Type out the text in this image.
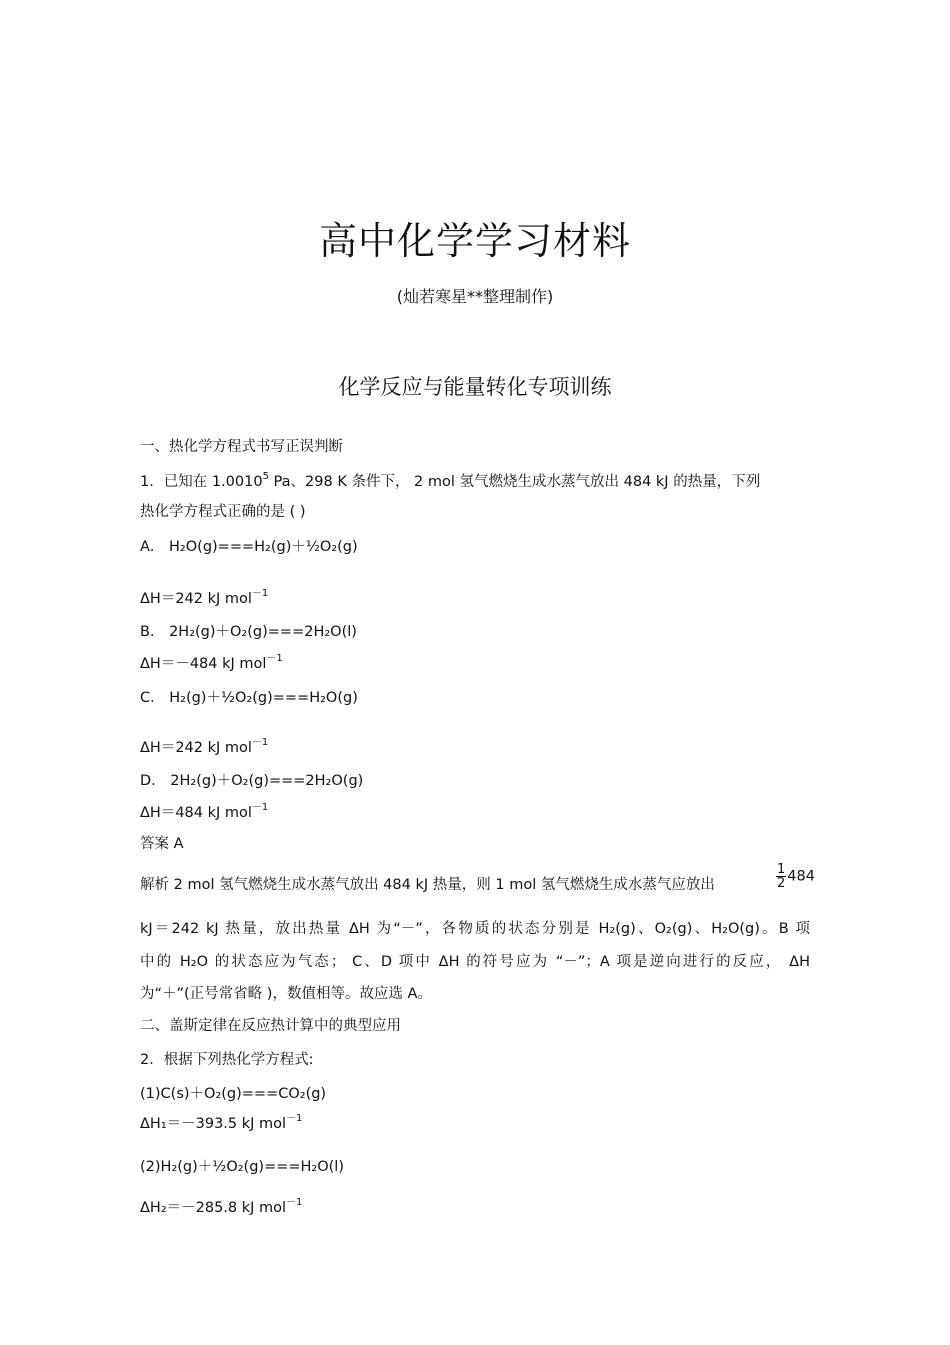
高中化学学习材料
(灿若寒星**整理制作)
化学反应与能量转化专项训练
一、热化学方程式书写正误判断
1．已知在 1.0010$^5$ Pa、298 K 条件下， 2 mol 氢气燃烧生成水蒸气放出 484 kJ 的热量，下列
热化学方程式正确的是 ( )
A． H₂O(g)===H₂(g)＋½O₂(g)
ΔH＝242 kJ mol$^{-1}$
B． 2H₂(g)＋O₂(g)===2H₂O(l)
ΔH＝－484 kJ mol$^{-1}$
C． H₂(g)＋½O₂(g)===H₂O(g)
ΔH＝242 kJ mol$^{-1}$
D． 2H₂(g)＋O₂(g)===2H₂O(g)
ΔH＝484 kJ mol$^{-1}$
答案 A
解析 2 mol 氢气燃烧生成水蒸气放出 484 kJ 热量，则 1 mol 氢气燃烧生成水蒸气应放出	$\frac{1}{2} 484$
kJ＝242 kJ 热量，放出热量 ΔH 为“－”，各物质的状态分别是 H₂(g)、O₂(g)、H₂O(g)。B 项
中的 H₂O 的状态应为气态； C、D 项中 ΔH 的符号应为 “－”；A 项是逆向进行的反应， ΔH
为“＋”(正号常省略 )，数值相等。故应选 A。
二、盖斯定律在反应热计算中的典型应用
2．根据下列热化学方程式:
(1)C(s)＋O₂(g)===CO₂(g)
ΔH₁＝－393.5 kJ mol$^{-1}$
(2)H₂(g)＋½O₂(g)===H₂O(l)
ΔH₂＝－285.8 kJ mol$^{-1}$
